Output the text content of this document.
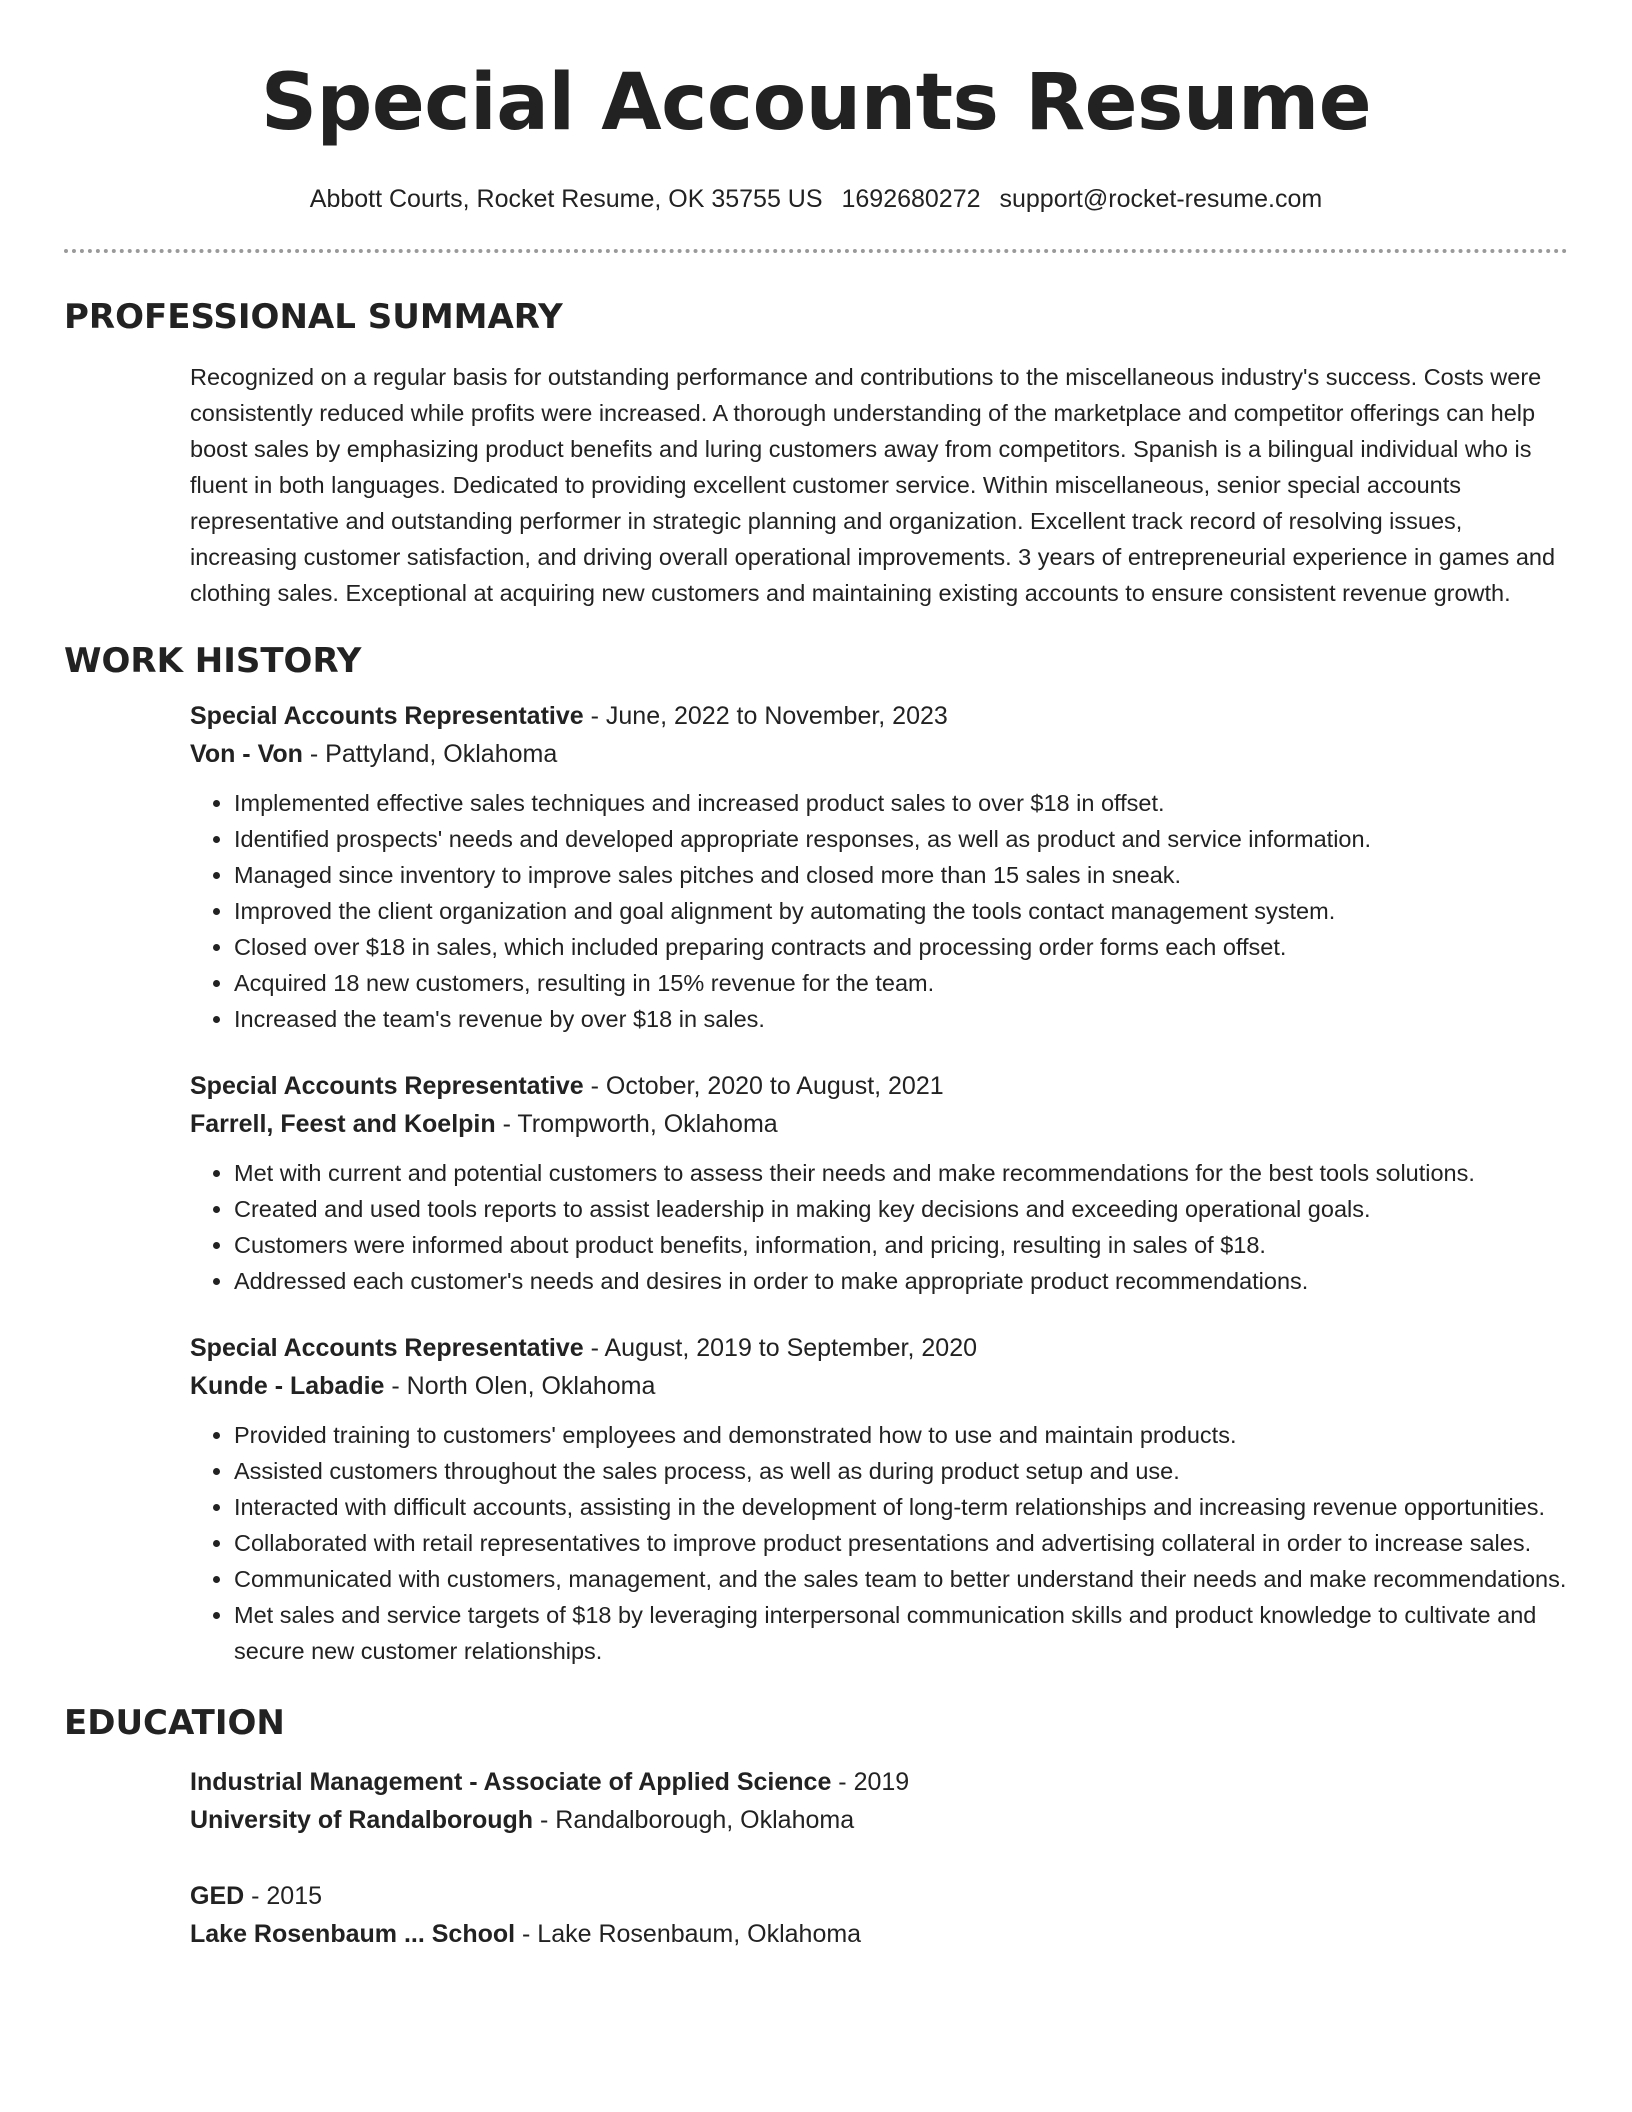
Special Accounts Resume
Abbott Courts, Rocket Resume, OK 35755 US 1692680272 support@rocket-resume.com
PROFESSIONAL SUMMARY
Recognized on a regular basis for outstanding performance and contributions to the miscellaneous industry's success. Costs were consistently reduced while profits were increased. A thorough understanding of the marketplace and competitor offerings can help boost sales by emphasizing product benefits and luring customers away from competitors. Spanish is a bilingual individual who is fluent in both languages. Dedicated to providing excellent customer service. Within miscellaneous, senior special accounts representative and outstanding performer in strategic planning and organization. Excellent track record of resolving issues, increasing customer satisfaction, and driving overall operational improvements. 3 years of entrepreneurial experience in games and clothing sales. Exceptional at acquiring new customers and maintaining existing accounts to ensure consistent revenue growth.
WORK HISTORY
Special Accounts Representative - June, 2022 to November, 2023
Von - Von - Pattyland, Oklahoma
• Implemented effective sales techniques and increased product sales to over $18 in offset.
• Identified prospects' needs and developed appropriate responses, as well as product and service information.
• Managed since inventory to improve sales pitches and closed more than 15 sales in sneak.
• Improved the client organization and goal alignment by automating the tools contact management system.
• Closed over $18 in sales, which included preparing contracts and processing order forms each offset.
• Acquired 18 new customers, resulting in 15% revenue for the team.
• Increased the team's revenue by over $18 in sales.
Special Accounts Representative - October, 2020 to August, 2021
Farrell, Feest and Koelpin - Trompworth, Oklahoma
• Met with current and potential customers to assess their needs and make recommendations for the best tools solutions.
• Created and used tools reports to assist leadership in making key decisions and exceeding operational goals.
• Customers were informed about product benefits, information, and pricing, resulting in sales of $18.
• Addressed each customer's needs and desires in order to make appropriate product recommendations.
Special Accounts Representative - August, 2019 to September, 2020
Kunde - Labadie - North Olen, Oklahoma
• Provided training to customers' employees and demonstrated how to use and maintain products.
• Assisted customers throughout the sales process, as well as during product setup and use.
• Interacted with difficult accounts, assisting in the development of long-term relationships and increasing revenue opportunities.
• Collaborated with retail representatives to improve product presentations and advertising collateral in order to increase sales.
• Communicated with customers, management, and the sales team to better understand their needs and make recommendations.
• Met sales and service targets of $18 by leveraging interpersonal communication skills and product knowledge to cultivate and secure new customer relationships.
EDUCATION
Industrial Management - Associate of Applied Science - 2019
University of Randalborough - Randalborough, Oklahoma
GED - 2015
Lake Rosenbaum ... School - Lake Rosenbaum, Oklahoma
